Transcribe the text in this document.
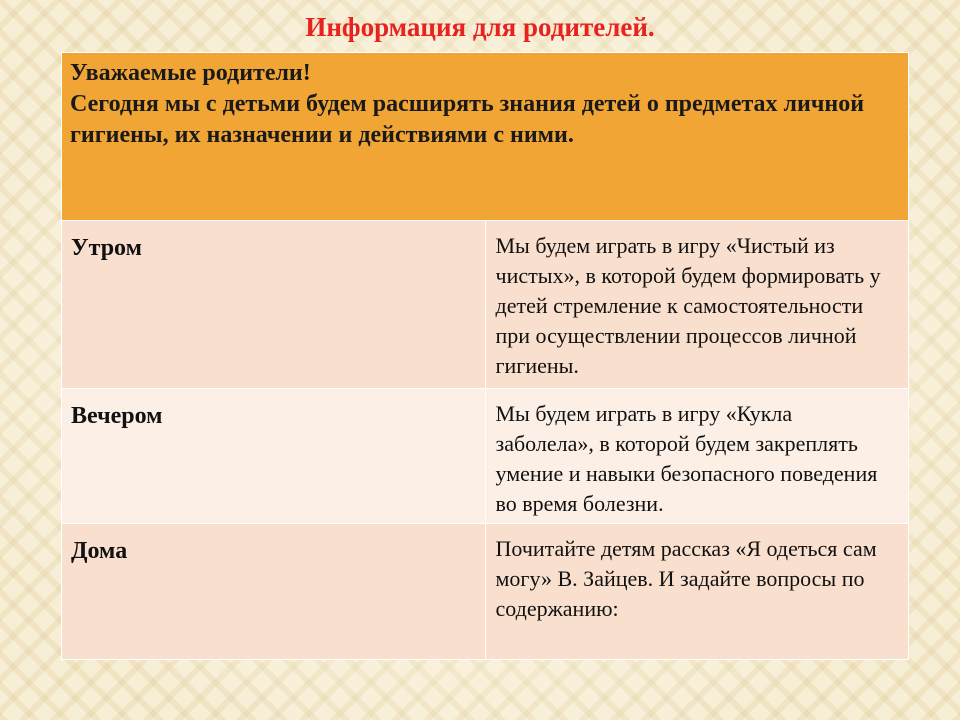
Информация для родителей.
Уважаемые родители!
Сегодня мы с детьми будем расширять знания детей о предметах личной гигиены, их назначении и действиями с ними.	

Утром	Мы будем играть в игру «Чистый из чистых», в которой будем формировать у детей стремление к самостоятельности при осуществлении процессов личной гигиены.
Вечером	Мы будем играть в игру «Кукла заболела», в которой будем закреплять умение и навыки безопасного поведения во время болезни.
Дома	Почитайте детям рассказ «Я одеться сам могу» В. Зайцев. И задайте вопросы по содержанию:
